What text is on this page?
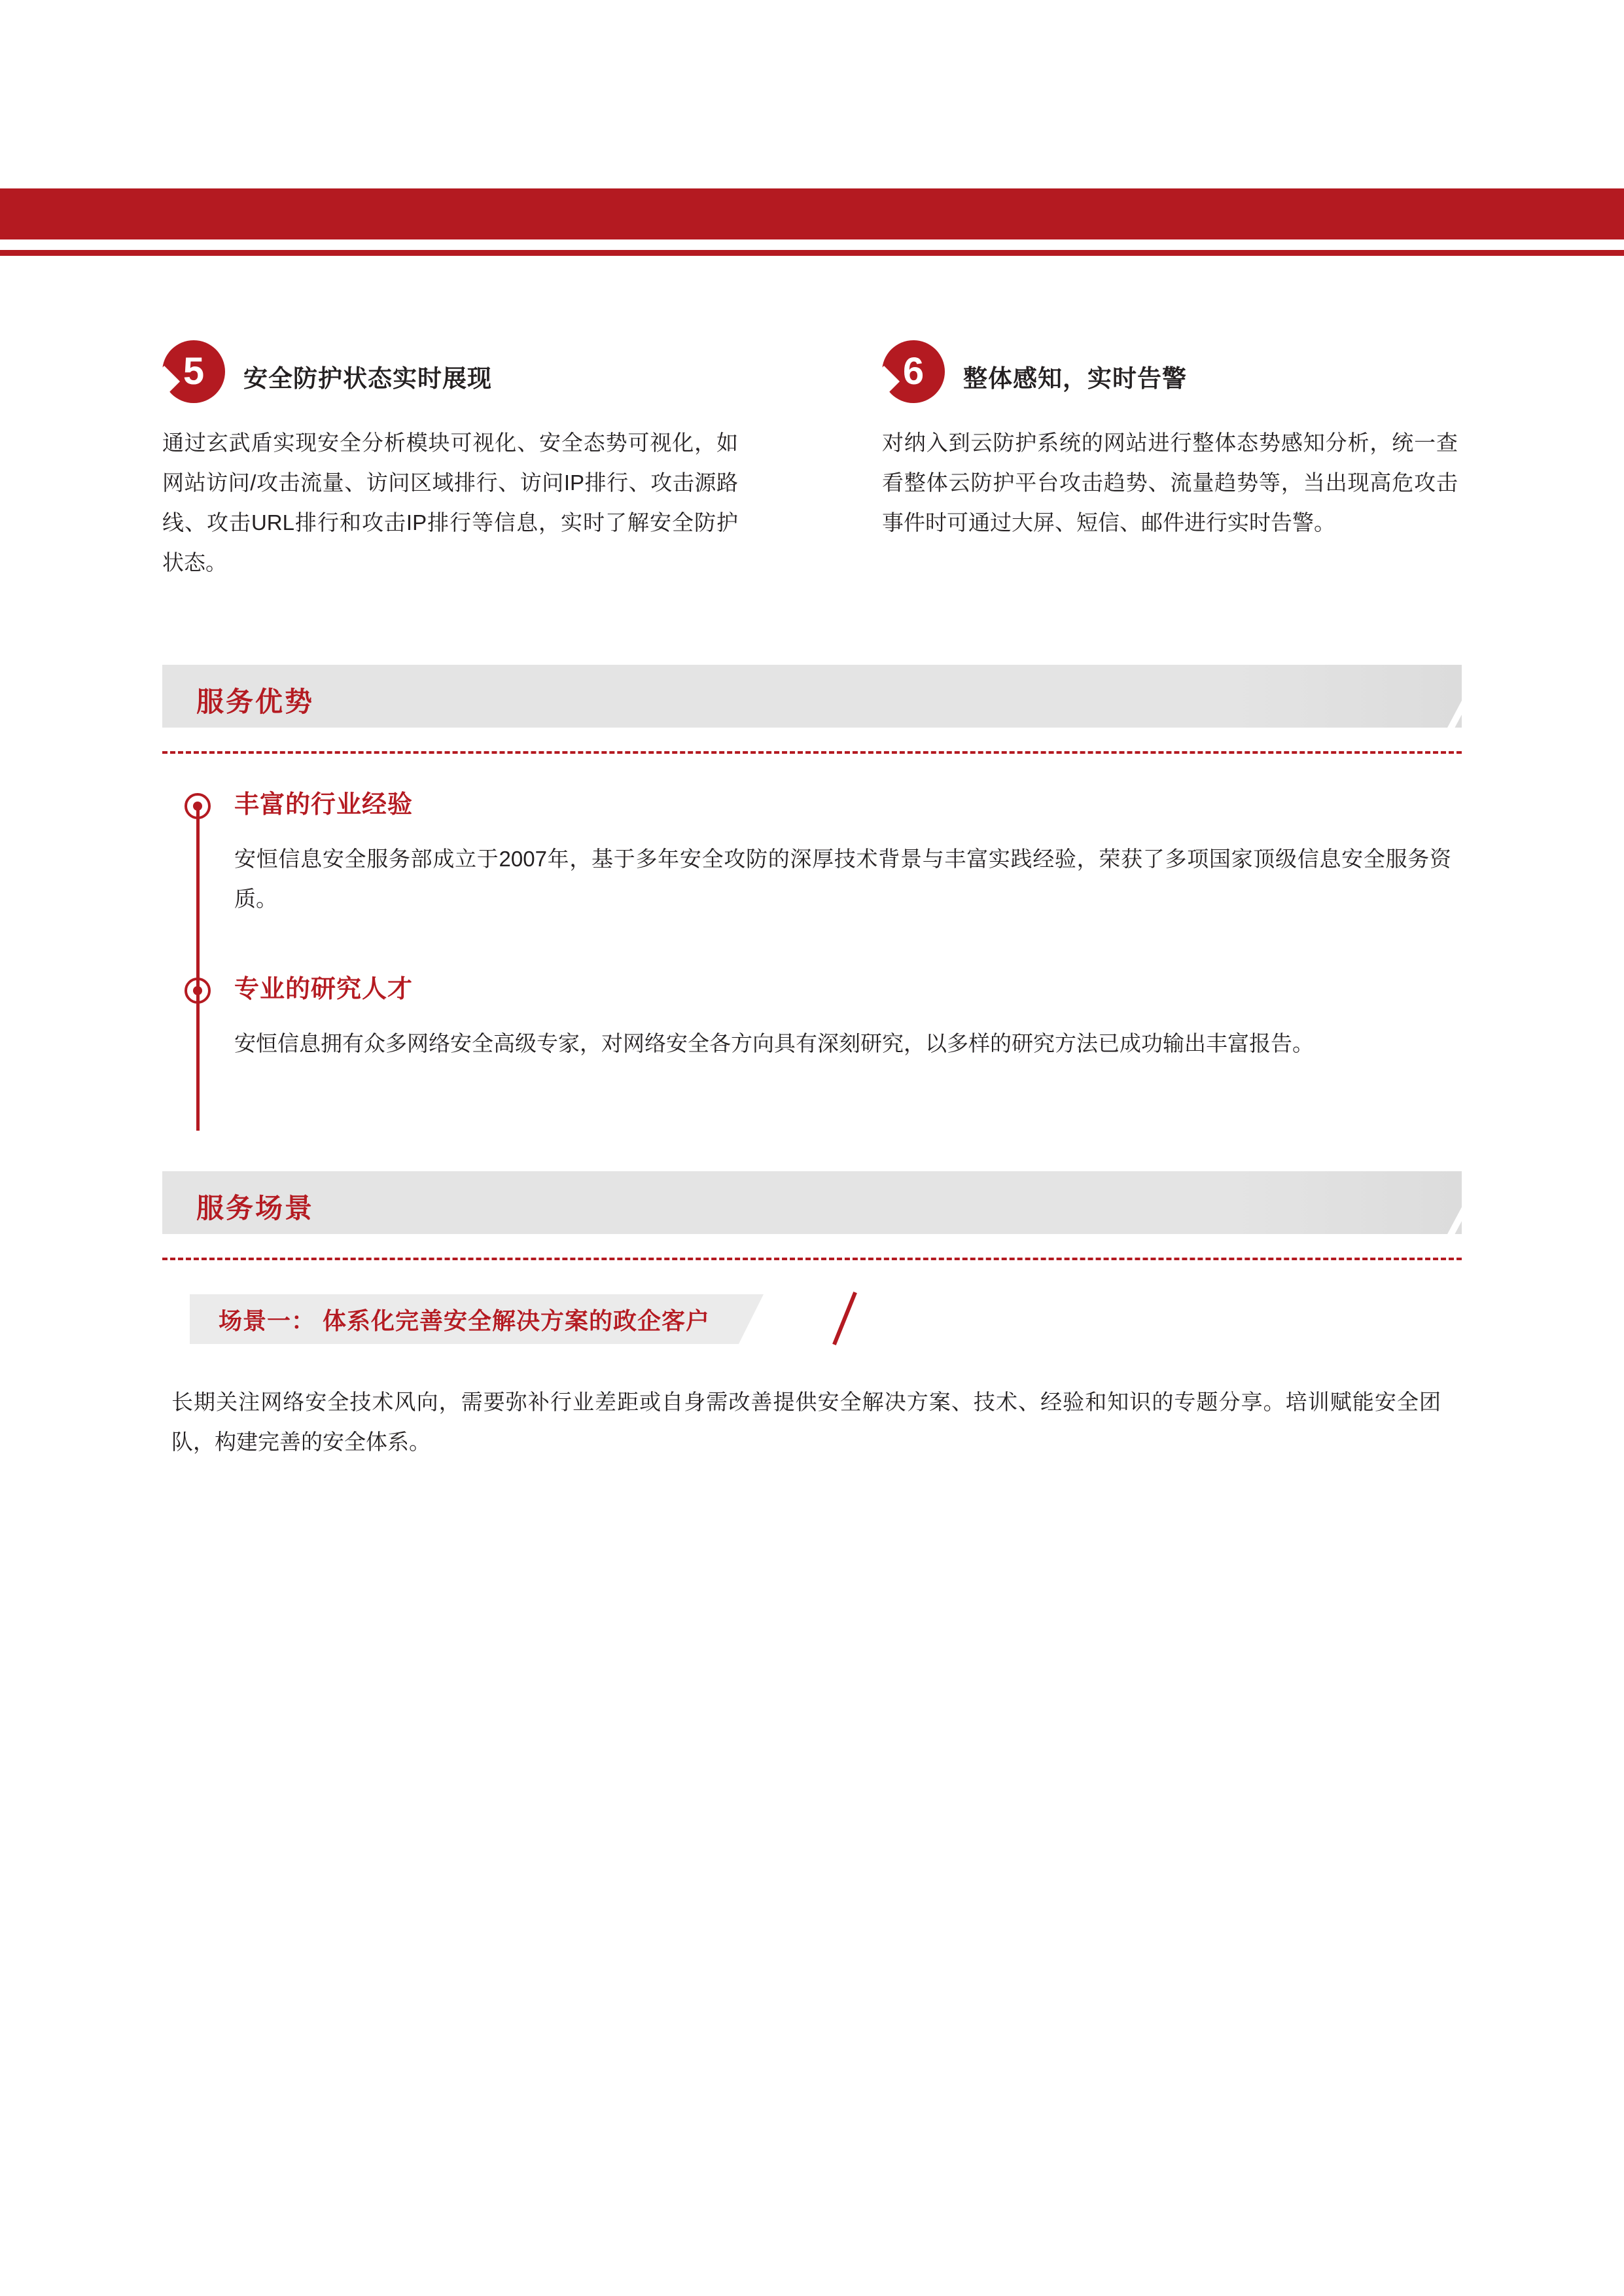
5	安全防护状态实时展现
通过玄武盾实现安全分析模块可视化、安全态势可视化，如网站访问/攻击流量、访问区域排行、访问IP排行、攻击源路线、攻击URL排行和攻击IP排行等信息，实时了解安全防护状态。
6	整体感知，实时告警
对纳入到云防护系统的网站进行整体态势感知分析，统一查看整体云防护平台攻击趋势、流量趋势等，当出现高危攻击事件时可通过大屏、短信、邮件进行实时告警。
服务优势
丰富的行业经验
安恒信息安全服务部成立于2007年，基于多年安全攻防的深厚技术背景与丰富实践经验，荣获了多项国家顶级信息安全服务资质。
专业的研究人才
安恒信息拥有众多网络安全高级专家，对网络安全各方向具有深刻研究，以多样的研究方法已成功输出丰富报告。
服务场景
场景一： 体系化完善安全解决方案的政企客户
长期关注网络安全技术风向，需要弥补行业差距或自身需改善提供安全解决方案、技术、经验和知识的专题分享。培训赋能安全团队，构建完善的安全体系。
